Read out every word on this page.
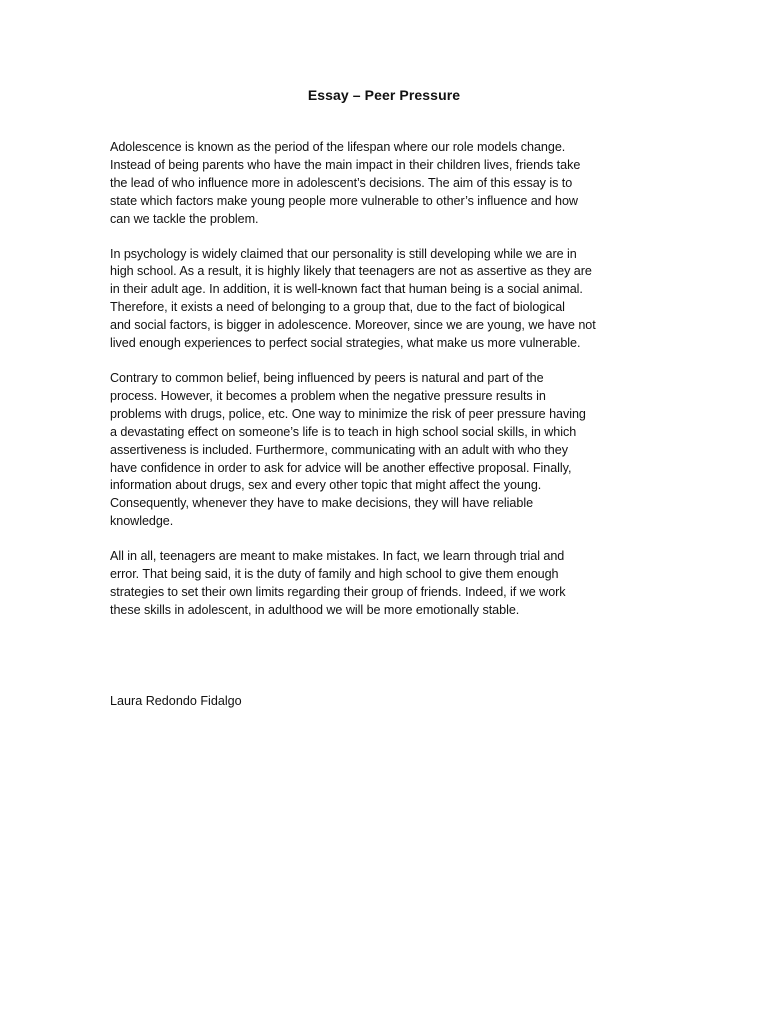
Essay – Peer Pressure

Adolescence is known as the period of the lifespan where our role models change.
Instead of being parents who have the main impact in their children lives, friends take
the lead of who influence more in adolescent’s decisions. The aim of this essay is to
state which factors make young people more vulnerable to other’s influence and how
can we tackle the problem.

In psychology is widely claimed that our personality is still developing while we are in
high school. As a result, it is highly likely that teenagers are not as assertive as they are
in their adult age. In addition, it is well-known fact that human being is a social animal.
Therefore, it exists a need of belonging to a group that, due to the fact of biological
and social factors, is bigger in adolescence. Moreover, since we are young, we have not
lived enough experiences to perfect social strategies, what make us more vulnerable.

Contrary to common belief, being influenced by peers is natural and part of the
process. However, it becomes a problem when the negative pressure results in
problems with drugs, police, etc. One way to minimize the risk of peer pressure having
a devastating effect on someone’s life is to teach in high school social skills, in which
assertiveness is included. Furthermore, communicating with an adult with who they
have confidence in order to ask for advice will be another effective proposal. Finally,
information about drugs, sex and every other topic that might affect the young.
Consequently, whenever they have to make decisions, they will have reliable
knowledge.

All in all, teenagers are meant to make mistakes. In fact, we learn through trial and
error. That being said, it is the duty of family and high school to give them enough
strategies to set their own limits regarding their group of friends. Indeed, if we work
these skills in adolescent, in adulthood we will be more emotionally stable.

Laura Redondo Fidalgo
